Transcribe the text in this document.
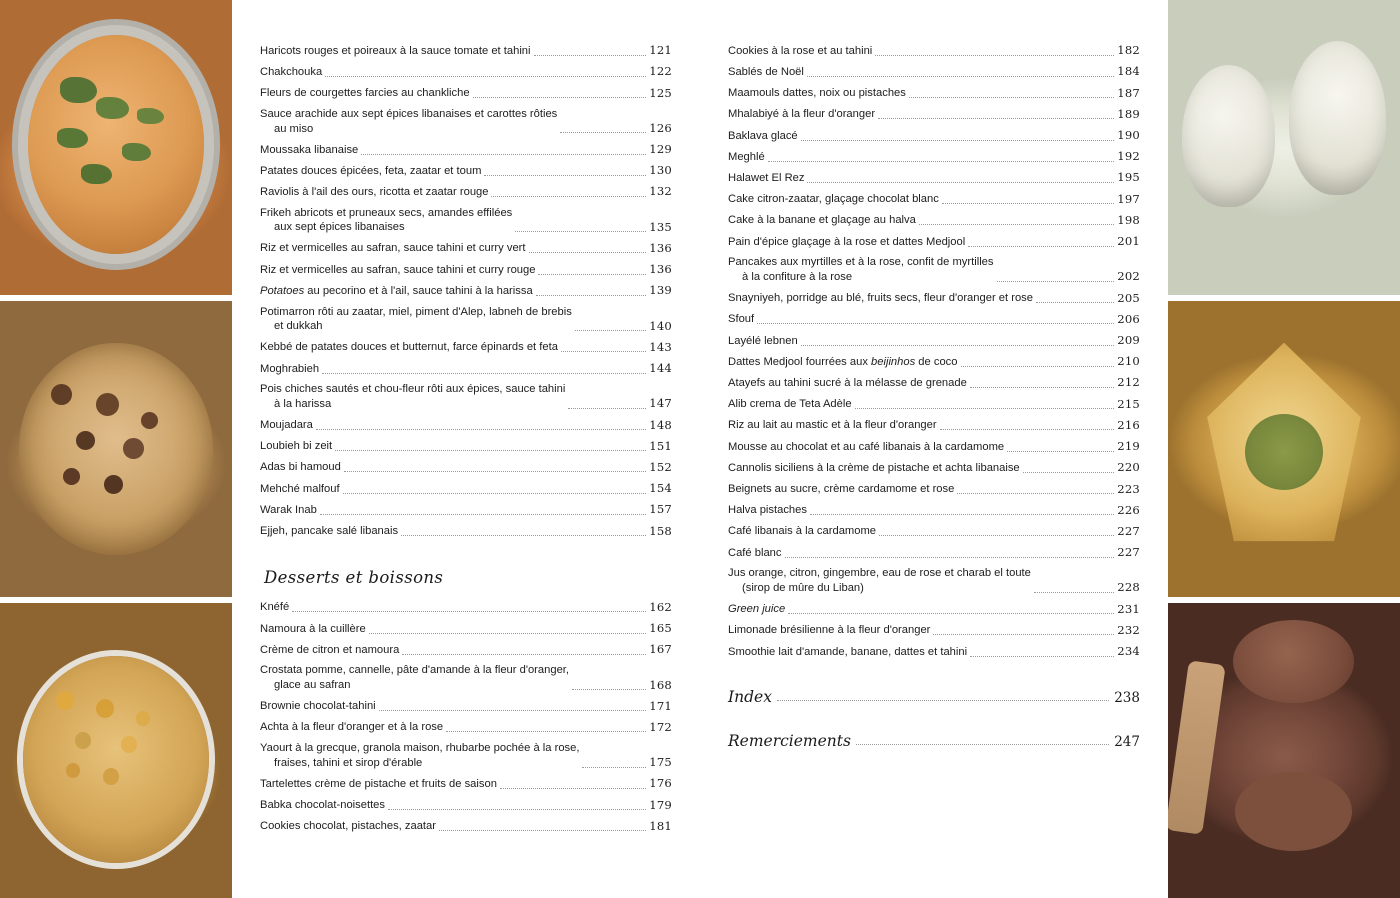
Haricots rouges et poireaux à la sauce tomate et tahini	121
Chakchouka	122
Fleurs de courgettes farcies au chankliche	125
Sauce arachide aux sept épices libanaises et carottes rôties
au miso	126
Moussaka libanaise	129
Patates douces épicées, feta, zaatar et toum	130
Raviolis à l'ail des ours, ricotta et zaatar rouge	132
Frikeh abricots et pruneaux secs, amandes effilées
aux sept épices libanaises	135
Riz et vermicelles au safran, sauce tahini et curry vert	136
Riz et vermicelles au safran, sauce tahini et curry rouge	136
Potatoes au pecorino et à l'ail, sauce tahini à la harissa	139
Potimarron rôti au zaatar, miel, piment d'Alep, labneh de brebis
et dukkah	140
Kebbé de patates douces et butternut, farce épinards et feta	143
Moghrabieh	144
Pois chiches sautés et chou-fleur rôti aux épices, sauce tahini
à la harissa	147
Moujadara	148
Loubieh bi zeit	151
Adas bi hamoud	152
Mehché malfouf	154
Warak Inab	157
Ejjeh, pancake salé libanais	158
Desserts et boissons
Knéfé	162
Namoura à la cuillère	165
Crème de citron et namoura	167
Crostata pomme, cannelle, pâte d'amande à la fleur d'oranger,
glace au safran	168
Brownie chocolat-tahini	171
Achta à la fleur d'oranger et à la rose	172
Yaourt à la grecque, granola maison, rhubarbe pochée à la rose,
fraises, tahini et sirop d'érable	175
Tartelettes crème de pistache et fruits de saison	176
Babka chocolat-noisettes	179
Cookies chocolat, pistaches, zaatar	181
Cookies à la rose et au tahini	182
Sablés de Noël	184
Maamouls dattes, noix ou pistaches	187
Mhalabiyé à la fleur d'oranger	189
Baklava glacé	190
Meghlé	192
Halawet El Rez	195
Cake citron-zaatar, glaçage chocolat blanc	197
Cake à la banane et glaçage au halva	198
Pain d'épice glaçage à la rose et dattes Medjool	201
Pancakes aux myrtilles et à la rose, confit de myrtilles
à la confiture à la rose	202
Snayniyeh, porridge au blé, fruits secs, fleur d'oranger et rose	205
Sfouf	206
Layélé lebnen	209
Dattes Medjool fourrées aux beijinhos de coco	210
Atayefs au tahini sucré à la mélasse de grenade	212
Alib crema de Teta Adèle	215
Riz au lait au mastic et à la fleur d'oranger	216
Mousse au chocolat et au café libanais à la cardamome	219
Cannolis siciliens à la crème de pistache et achta libanaise	220
Beignets au sucre, crème cardamome et rose	223
Halva pistaches	226
Café libanais à la cardamome	227
Café blanc	227
Jus orange, citron, gingembre, eau de rose et charab el toute
(sirop de mûre du Liban)	228
Green juice	231
Limonade brésilienne à la fleur d'oranger	232
Smoothie lait d'amande, banane, dattes et tahini	234
Index	238
Remerciements	247
